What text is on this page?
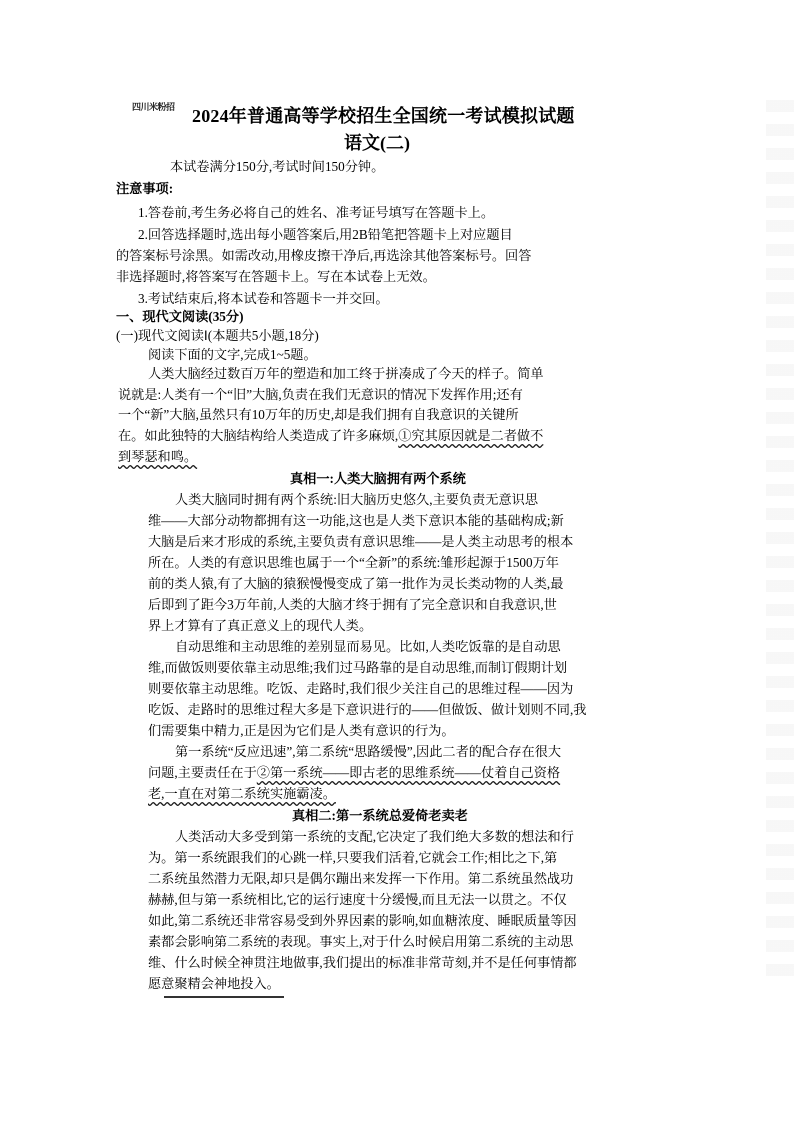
四川米粉招 2024年普通高等学校招生全国统一考试模拟试题
语文(二)
本试卷满分150分,考试时间150分钟。
注意事项:
1.答卷前,考生务必将自己的姓名、准考证号填写在答题卡上。
2.回答选择题时,选出每小题答案后,用2B铅笔把答题卡上对应题目
的答案标号涂黑。如需改动,用橡皮擦干净后,再选涂其他答案标号。回答
非选择题时,将答案写在答题卡上。写在本试卷上无效。
3.考试结束后,将本试卷和答题卡一并交回。
一、现代文阅读(35分)
(一)现代文阅读Ⅰ(本题共5小题,18分)
阅读下面的文字,完成1~5题。
人类大脑经过数百万年的塑造和加工终于拼凑成了今天的样子。简单
说就是:人类有一个“旧”大脑,负责在我们无意识的情况下发挥作用;还有
一个“新”大脑,虽然只有10万年的历史,却是我们拥有自我意识的关键所
在。如此独特的大脑结构给人类造成了许多麻烦,①究其原因就是二者做不
到琴瑟和鸣。
真相一:人类大脑拥有两个系统
人类大脑同时拥有两个系统:旧大脑历史悠久,主要负责无意识思
维——大部分动物都拥有这一功能,这也是人类下意识本能的基础构成;新
大脑是后来才形成的系统,主要负责有意识思维——是人类主动思考的根本
所在。人类的有意识思维也属于一个“全新”的系统:雏形起源于1500万年
前的类人猿,有了大脑的猿猴慢慢变成了第一批作为灵长类动物的人类,最
后即到了距今3万年前,人类的大脑才终于拥有了完全意识和自我意识,世
界上才算有了真正意义上的现代人类。
自动思维和主动思维的差别显而易见。比如,人类吃饭靠的是自动思
维,而做饭则要依靠主动思维;我们过马路靠的是自动思维,而制订假期计划
则要依靠主动思维。吃饭、走路时,我们很少关注自己的思维过程——因为
吃饭、走路时的思维过程大多是下意识进行的——但做饭、做计划则不同,我
们需要集中精力,正是因为它们是人类有意识的行为。
第一系统“反应迅速”,第二系统“思路缓慢”,因此二者的配合存在很大
问题,主要责任在于②第一系统——即古老的思维系统——仗着自己资格
老,一直在对第二系统实施霸凌。
真相二:第一系统总爱倚老卖老
人类活动大多受到第一系统的支配,它决定了我们绝大多数的想法和行
为。第一系统跟我们的心跳一样,只要我们活着,它就会工作;相比之下,第
二系统虽然潜力无限,却只是偶尔蹦出来发挥一下作用。第二系统虽然战功
赫赫,但与第一系统相比,它的运行速度十分缓慢,而且无法一以贯之。不仅
如此,第二系统还非常容易受到外界因素的影响,如血糖浓度、睡眠质量等因
素都会影响第二系统的表现。事实上,对于什么时候启用第二系统的主动思
维、什么时候全神贯注地做事,我们提出的标准非常苛刻,并不是任何事情都
愿意聚精会神地投入。
